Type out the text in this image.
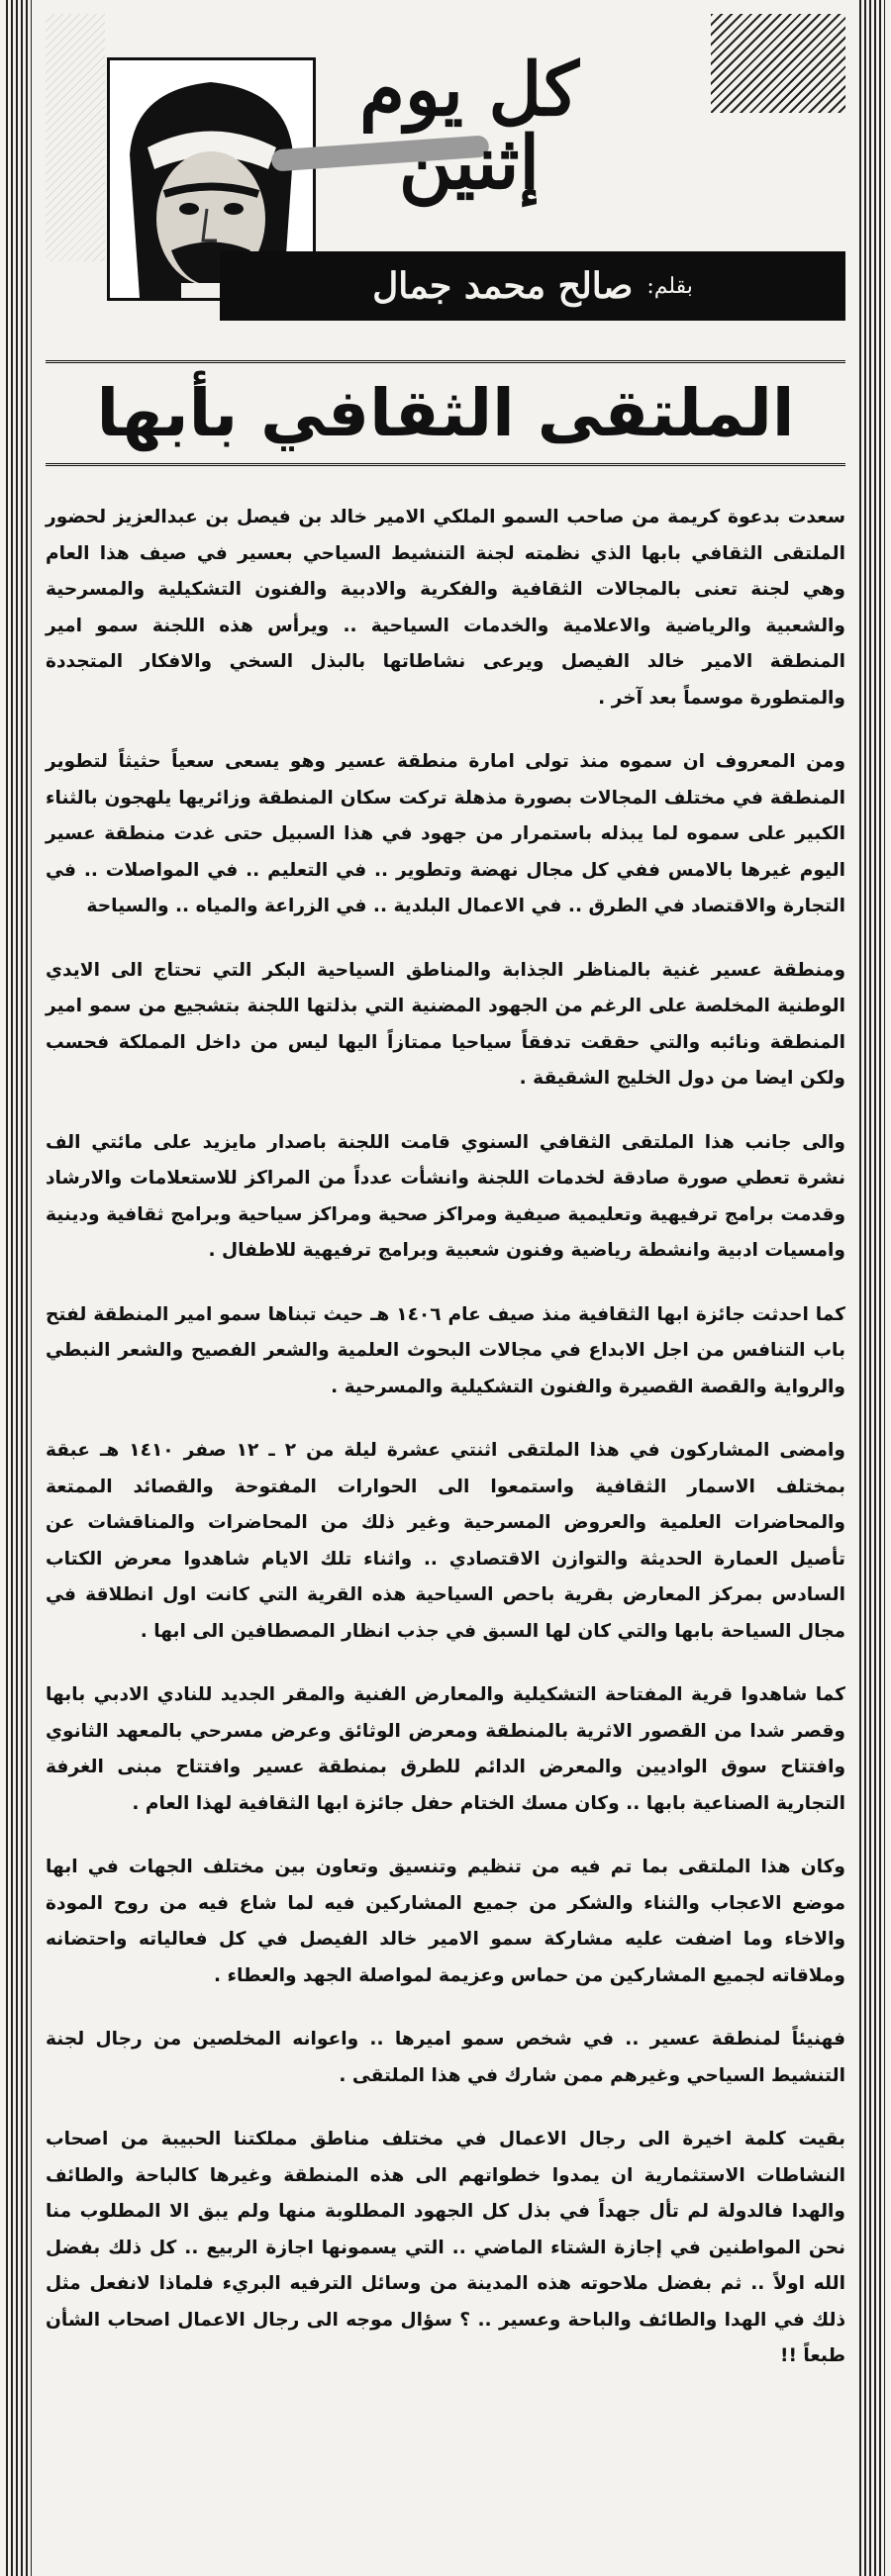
كل يوم إثنين
بقلم:
صالح محمد جمال
الملتقى الثقافي بأبها

سعدت بدعوة كريمة من صاحب السمو الملكي الامير خالد بن فيصل بن عبدالعزيز لحضور الملتقى الثقافي بابها الذي نظمته لجنة التنشيط السياحي بعسير في صيف هذا العام وهي لجنة تعنى بالمجالات الثقافية والفكرية والادبية والفنون التشكيلية والمسرحية والشعبية والرياضية والاعلامية والخدمات السياحية .. ويرأس هذه اللجنة سمو امير المنطقة الامير خالد الفيصل ويرعى نشاطاتها بالبذل السخي والافكار المتجددة والمتطورة موسماً بعد آخر .

ومن المعروف ان سموه منذ تولى امارة منطقة عسير وهو يسعى سعياً حثيثاً لتطوير المنطقة في مختلف المجالات بصورة مذهلة تركت سكان المنطقة وزائريها يلهجون بالثناء الكبير على سموه لما يبذله باستمرار من جهود في هذا السبيل حتى غدت منطقة عسير اليوم غيرها بالامس ففي كل مجال نهضة وتطوير .. في التعليم .. في المواصلات .. في التجارة والاقتصاد في الطرق .. في الاعمال البلدية .. في الزراعة والمياه .. والسياحة

ومنطقة عسير غنية بالمناظر الجذابة والمناطق السياحية البكر التي تحتاج الى الايدي الوطنية المخلصة على الرغم من الجهود المضنية التي بذلتها اللجنة بتشجيع من سمو امير المنطقة ونائبه والتي حققت تدفقاً سياحيا ممتازاً اليها ليس من داخل المملكة فحسب ولكن ايضا من دول الخليج الشقيقة .

والى جانب هذا الملتقى الثقافي السنوي قامت اللجنة باصدار مايزيد على مائتي الف نشرة تعطي صورة صادقة لخدمات اللجنة وانشأت عدداً من المراكز للاستعلامات والارشاد وقدمت برامج ترفيهية وتعليمية صيفية ومراكز صحية ومراكز سياحية وبرامج ثقافية ودينية وامسيات ادبية وانشطة رياضية وفنون شعبية وبرامج ترفيهية للاطفال .

كما احدثت جائزة ابها الثقافية منذ صيف عام ١٤٠٦ هـ حيث تبناها سمو امير المنطقة لفتح باب التنافس من اجل الابداع في مجالات البحوث العلمية والشعر الفصيح والشعر النبطي والرواية والقصة القصيرة والفنون التشكيلية والمسرحية .

وامضى المشاركون في هذا الملتقى اثنتي عشرة ليلة من ٢ ـ ١٢ صفر ١٤١٠ هـ عبقة بمختلف الاسمار الثقافية واستمعوا الى الحوارات المفتوحة والقصائد الممتعة والمحاضرات العلمية والعروض المسرحية وغير ذلك من المحاضرات والمناقشات عن تأصيل العمارة الحديثة والتوازن الاقتصادي .. واثناء تلك الايام شاهدوا معرض الكتاب السادس بمركز المعارض بقرية باحص السياحية هذه القرية التي كانت اول انطلاقة في مجال السياحة بابها والتي كان لها السبق في جذب انظار المصطافين الى ابها .

كما شاهدوا قرية المفتاحة التشكيلية والمعارض الفنية والمقر الجديد للنادي الادبي بابها وقصر شدا من القصور الاثرية بالمنطقة ومعرض الوثائق وعرض مسرحي بالمعهد الثانوي وافتتاح سوق الواديين والمعرض الدائم للطرق بمنطقة عسير وافتتاح مبنى الغرفة التجارية الصناعية بابها .. وكان مسك الختام حفل جائزة ابها الثقافية لهذا العام .

وكان هذا الملتقى بما تم فيه من تنظيم وتنسيق وتعاون بين مختلف الجهات في ابها موضع الاعجاب والثناء والشكر من جميع المشاركين فيه لما شاع فيه من روح المودة والاخاء وما اضفت عليه مشاركة سمو الامير خالد الفيصل في كل فعالياته واحتضانه وملاقاته لجميع المشاركين من حماس وعزيمة لمواصلة الجهد والعطاء .

فهنيئاً لمنطقة عسير .. في شخص سمو اميرها .. واعوانه المخلصين من رجال لجنة التنشيط السياحي وغيرهم ممن شارك في هذا الملتقى .

بقيت كلمة اخيرة الى رجال الاعمال في مختلف مناطق مملكتنا الحبيبة من اصحاب النشاطات الاستثمارية ان يمدوا خطواتهم الى هذه المنطقة وغيرها كالباحة والطائف والهدا فالدولة لم تأل جهداً في بذل كل الجهود المطلوبة منها ولم يبق الا المطلوب منا نحن المواطنين في إجازة الشتاء الماضي .. التي يسمونها اجازة الربيع .. كل ذلك بفضل الله اولاً .. ثم بفضل ملاحوته هذه المدينة من وسائل الترفيه البريء فلماذا لانفعل مثل ذلك في الهدا والطائف والباحة وعسير .. ؟ سؤال موجه الى رجال الاعمال اصحاب الشأن طبعاً !!
